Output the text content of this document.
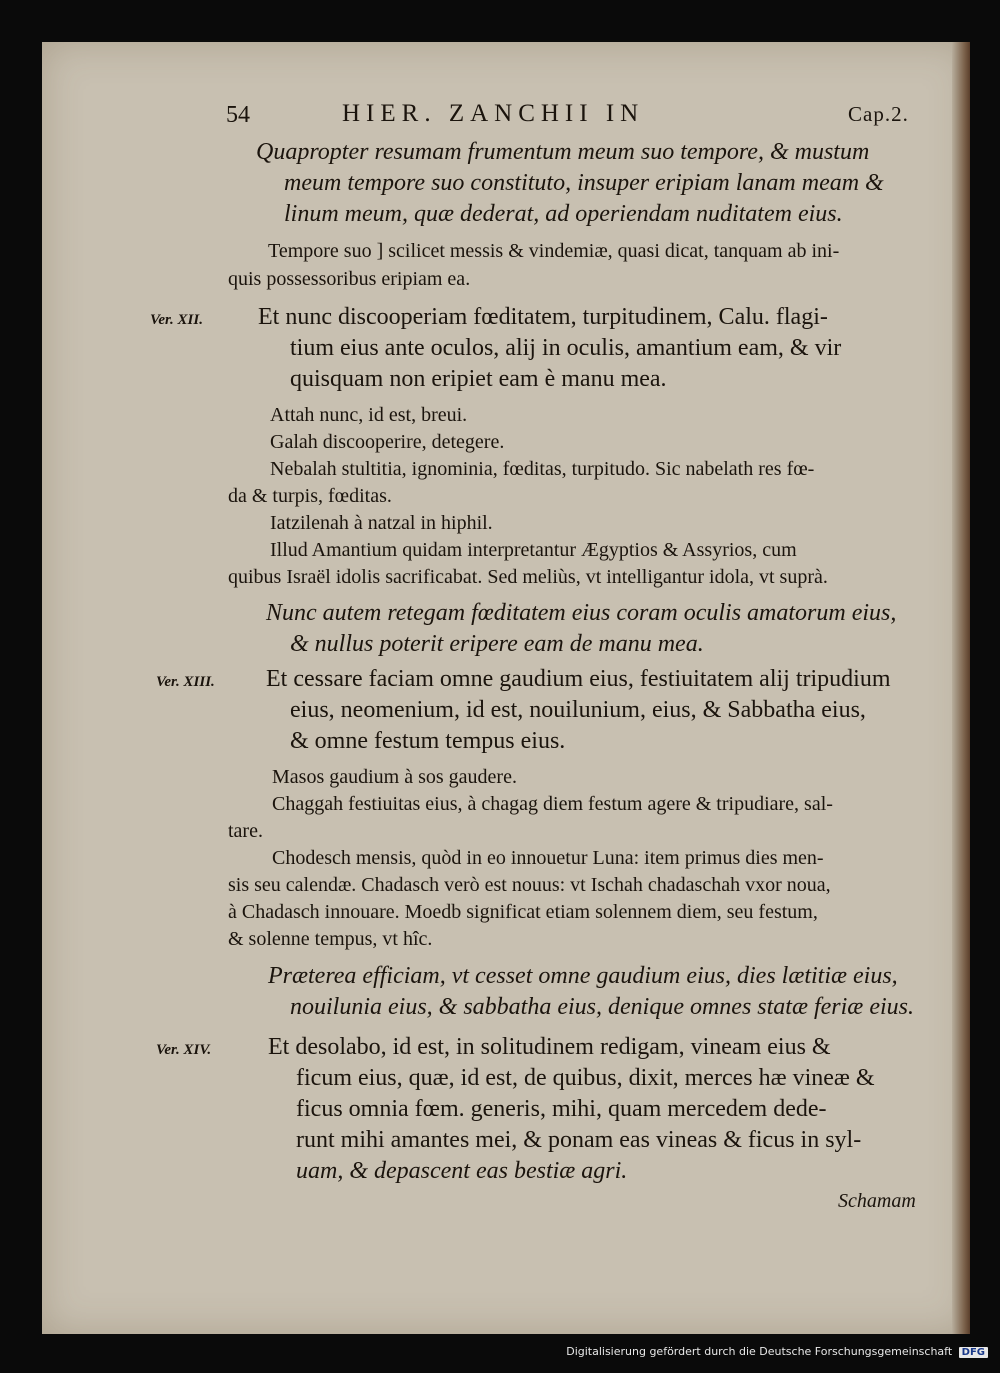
54	HIER. ZANCHII IN	Cap.2.
Quapropter resumam frumentum meum suo tempore, & mustum
meum tempore suo constituto, insuper eripiam lanam meam &
linum meum, quæ dederat, ad operiendam nuditatem eius.
Tempore suo ] scilicet messis & vindemiæ, quasi dicat, tanquam ab ini-
quis possessoribus eripiam ea.
Ver. XII. Et nunc discooperiam fœditatem, turpitudinem, Calu. flagi-
tium eius ante oculos, alij in oculis, amantium eam, & vir
quisquam non eripiet eam è manu mea.
Attah nunc, id est, breui.
Galah discooperire, detegere.
Nebalah stultitia, ignominia, fœditas, turpitudo. Sic nabelath res fœ-
da & turpis, fœditas.
Iatzilenah à natzal in hiphil.
Illud Amantium quidam interpretantur Ægyptios & Assyrios, cum
quibus Israël idolis sacrificabat. Sed meliùs, vt intelligantur idola, vt suprà.
Nunc autem retegam fœditatem eius coram oculis amatorum eius,
& nullus poterit eripere eam de manu mea.
Ver. XIII. Et cessare faciam omne gaudium eius, festiuitatem alij tripudium
eius, neomenium, id est, nouilunium, eius, & Sabbatha eius,
& omne festum tempus eius.
Masos gaudium à sos gaudere.
Chaggah festiuitas eius, à chagag diem festum agere & tripudiare, sal-
tare.
Chodesch mensis, quòd in eo innouetur Luna: item primus dies men-
sis seu calendæ. Chadasch verò est nouus: vt Ischah chadaschah vxor noua,
à Chadasch innouare. Moedb significat etiam solennem diem, seu festum,
& solenne tempus, vt hîc.
Præterea efficiam, vt cesset omne gaudium eius, dies lætitiæ eius,
nouilunia eius, & sabbatha eius, denique omnes statæ feriæ eius.
Ver. XIV. Et desolabo, id est, in solitudinem redigam, vineam eius &
ficum eius, quæ, id est, de quibus, dixit, merces hæ vineæ &
ficus omnia fœm. generis, mihi, quam mercedem dede-
runt mihi amantes mei, & ponam eas vineas & ficus in syl-
uam, & depascent eas bestiæ agri.
Schamam
Digitalisierung gefördert durch die Deutsche Forschungsgemeinschaft DFG
